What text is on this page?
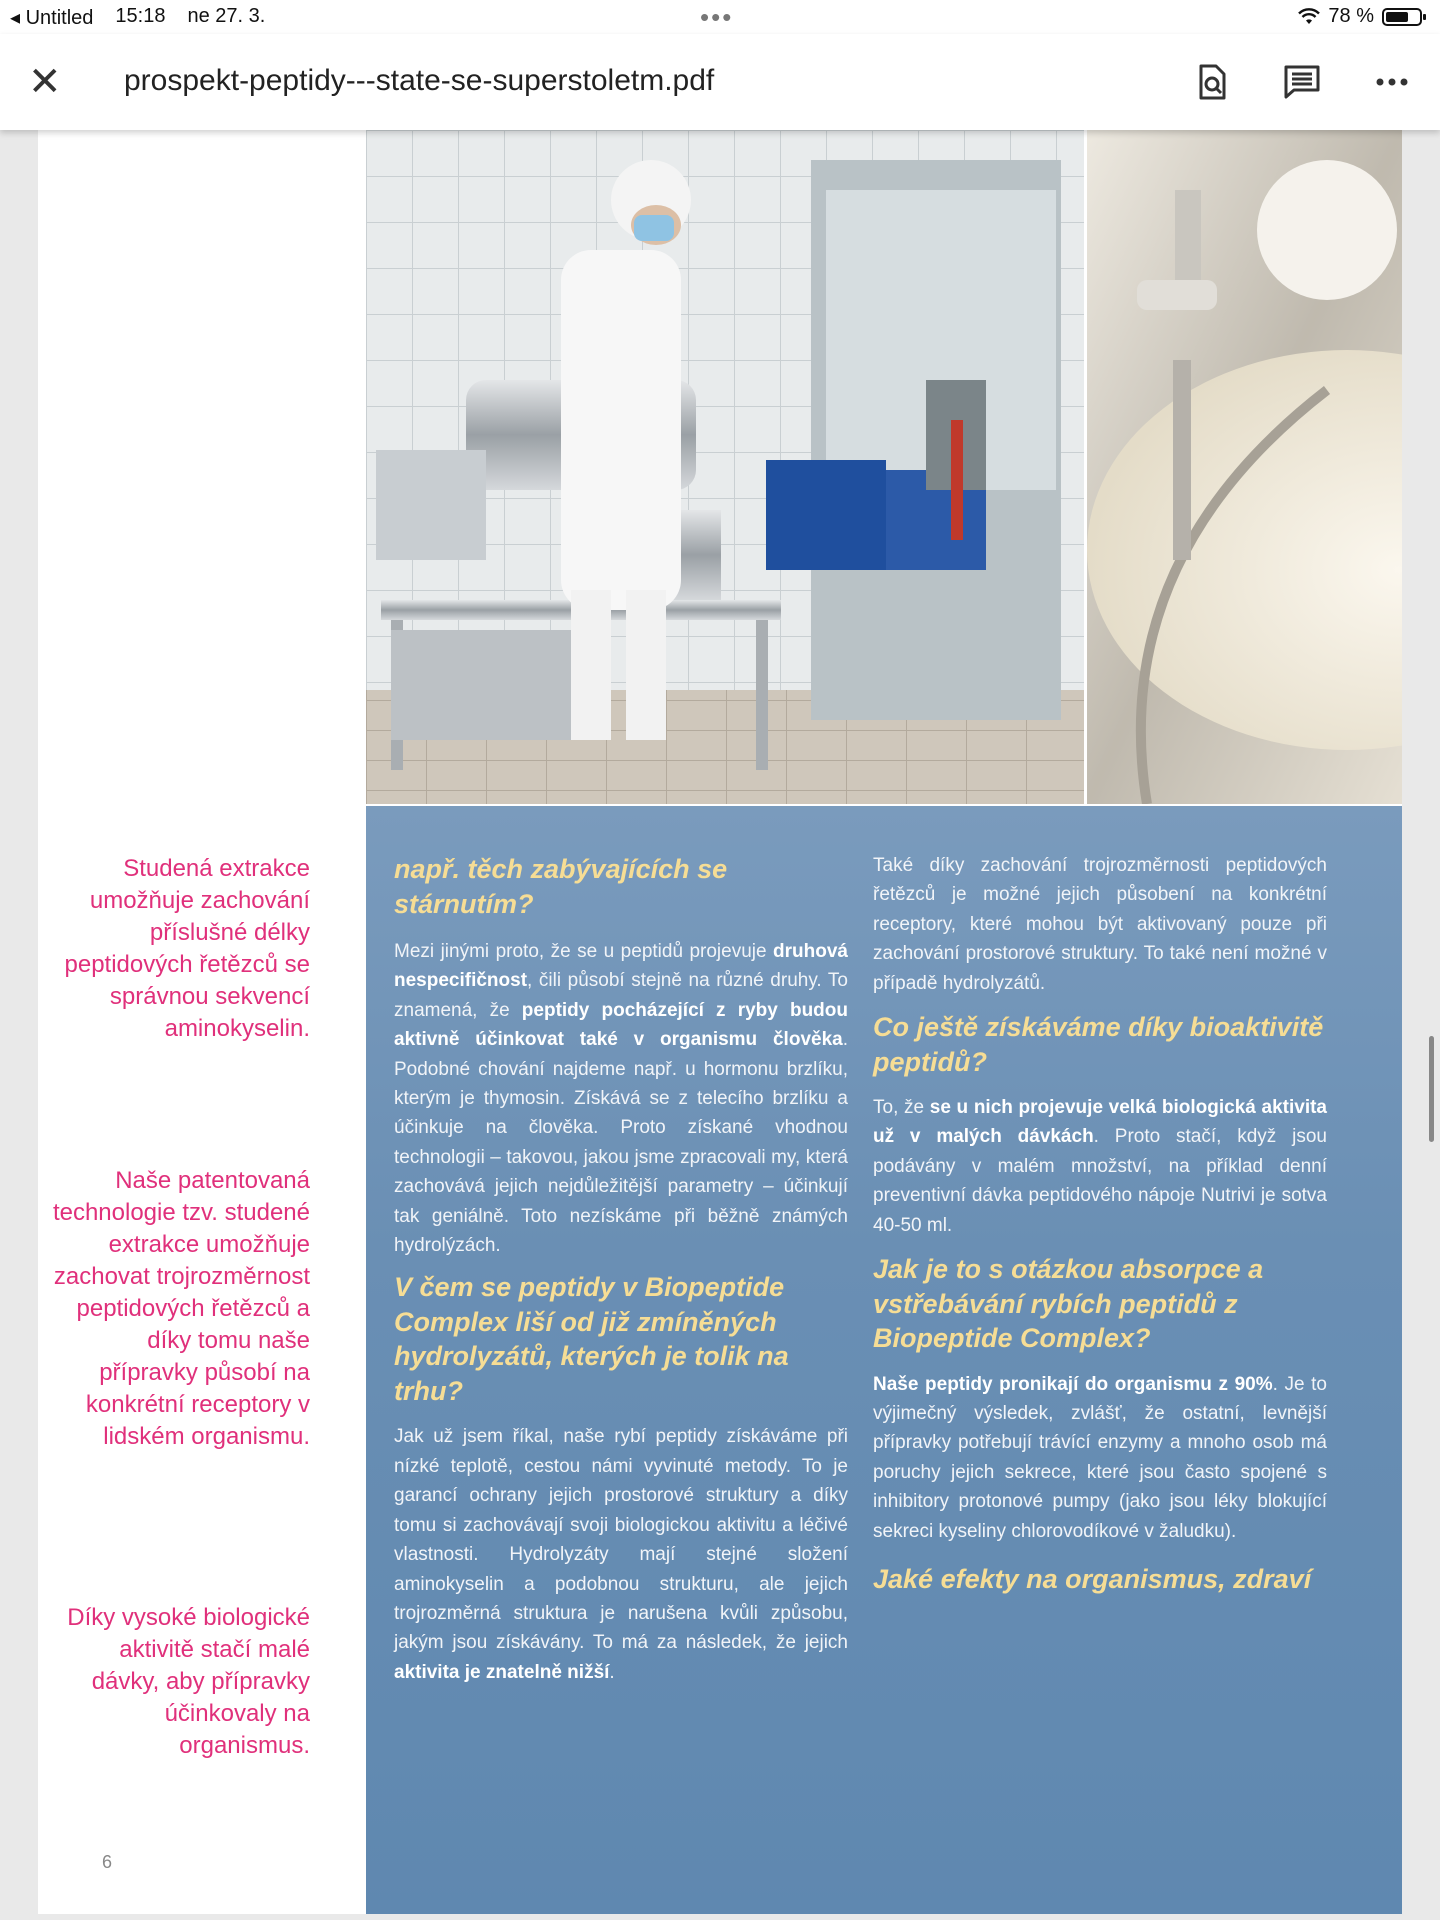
◂ Untitled 15:18 ne 27. 3.	•••	78 %
✕ prospekt-peptidy---state-se-superstoletm.pdf

Studená extrakce umožňuje zachování příslušné délky peptidových řetězců se správnou sekvencí aminokyselin.

Naše patentovaná technologie tzv. studené extrakce umožňuje zachovat trojrozměrnost peptidových řetězců a díky tomu naše přípravky působí na konkrétní receptory v lidském organismu.

Díky vysoké biologické aktivitě stačí malé dávky, aby přípravky účinkovaly na organismus.

6
např. těch zabývajících se stárnutím?

Mezi jinými proto, že se u peptidů projevuje druhová nespecifičnost, čili působí stejně na různé druhy. To znamená, že peptidy pocházející z ryby budou aktivně účinkovat také v organismu člověka. Podobné chování najdeme např. u hormonu brzlíku, kterým je thymosin. Získává se z telecího brzlíku a účinkuje na člověka. Proto získané vhodnou technologii – takovou, jakou jsme zpracovali my, která zachovává jejich nejdůležitější parametry – účinkují tak geniálně. Toto nezískáme při běžně známých hydrolýzách.

V čem se peptidy v Biopeptide Complex liší od již zmíněných hydrolyzátů, kterých je tolik na trhu?

Jak už jsem říkal, naše rybí peptidy získáváme při nízké teplotě, cestou námi vyvinuté metody. To je garancí ochrany jejich prostorové struktury a díky tomu si zachovávají svoji biologickou aktivitu a léčivé vlastnosti. Hydrolyzáty mají stejné složení aminokyselin a podobnou strukturu, ale jejich trojrozměrná struktura je narušena kvůli způsobu, jakým jsou získávány. To má za následek, že jejich aktivita je znatelně nižší.

Také díky zachování trojrozměrnosti peptidových řetězců je možné jejich působení na konkrétní receptory, které mohou být aktivovaný pouze při zachování prostorové struktury. To také není možné v případě hydrolyzátů.

Co ještě získáváme díky bioaktivitě peptidů?

To, že se u nich projevuje velká biologická aktivita už v malých dávkách. Proto stačí, když jsou podávány v malém množství, na příklad denní preventivní dávka peptidového nápoje Nutrivi je sotva 40-50 ml.

Jak je to s otázkou absorpce a vstřebávání rybích peptidů z Biopeptide Complex?

Naše peptidy pronikají do organismu z 90%. Je to výjimečný výsledek, zvlášť, že ostatní, levnější přípravky potřebují trávící enzymy a mnoho osob má poruchy jejich sekrece, které jsou často spojené s inhibitory protonové pumpy (jako jsou léky blokující sekreci kyseliny chlorovodíkové v žaludku).

Jaké efekty na organismus, zdraví
